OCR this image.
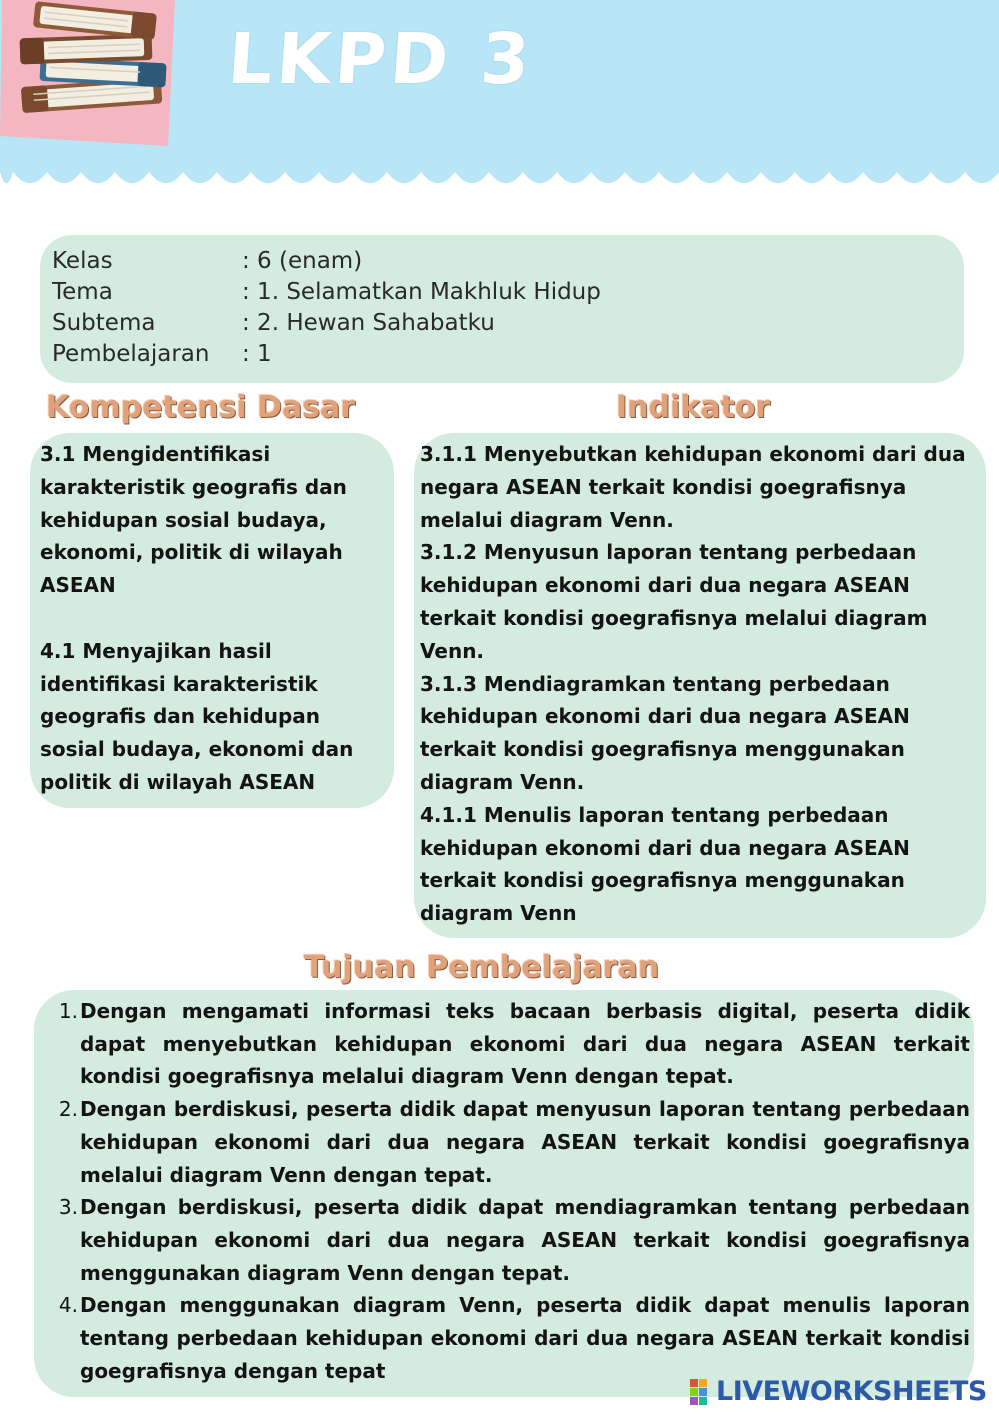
LKPD 3
Kelas	: 6 (enam)
Tema	: 1. Selamatkan Makhluk Hidup
Subtema	: 2. Hewan Sahabatku
Pembelajaran	: 1
Kompetensi Dasar	Indikator

3.1 Mengidentifikasi karakteristik geografis dan kehidupan sosial budaya, ekonomi, politik di wilayah ASEAN

4.1 Menyajikan hasil identifikasi karakteristik geografis dan kehidupan sosial budaya, ekonomi dan politik di wilayah ASEAN

3.1.1 Menyebutkan kehidupan ekonomi dari dua negara ASEAN terkait kondisi goegrafisnya melalui diagram Venn.

3.1.2 Menyusun laporan tentang perbedaan kehidupan ekonomi dari dua negara ASEAN terkait kondisi goegrafisnya melalui diagram Venn.

3.1.3 Mendiagramkan tentang perbedaan kehidupan ekonomi dari dua negara ASEAN terkait kondisi goegrafisnya menggunakan diagram Venn.

4.1.1 Menulis laporan tentang perbedaan kehidupan ekonomi dari dua negara ASEAN terkait kondisi goegrafisnya menggunakan diagram Venn

Tujuan Pembelajaran
1. Dengan mengamati informasi teks bacaan berbasis digital, peserta didik dapat menyebutkan kehidupan ekonomi dari dua negara ASEAN terkait kondisi goegrafisnya melalui diagram Venn dengan tepat.
2. Dengan berdiskusi, peserta didik dapat menyusun laporan tentang perbedaan kehidupan ekonomi dari dua negara ASEAN terkait kondisi goegrafisnya melalui diagram Venn dengan tepat.
3. Dengan berdiskusi, peserta didik dapat mendiagramkan tentang perbedaan kehidupan ekonomi dari dua negara ASEAN terkait kondisi goegrafisnya menggunakan diagram Venn dengan tepat.
4. Dengan menggunakan diagram Venn, peserta didik dapat menulis laporan tentang perbedaan kehidupan ekonomi dari dua negara ASEAN terkait kondisi goegrafisnya dengan tepat
LIVEWORKSHEETS
